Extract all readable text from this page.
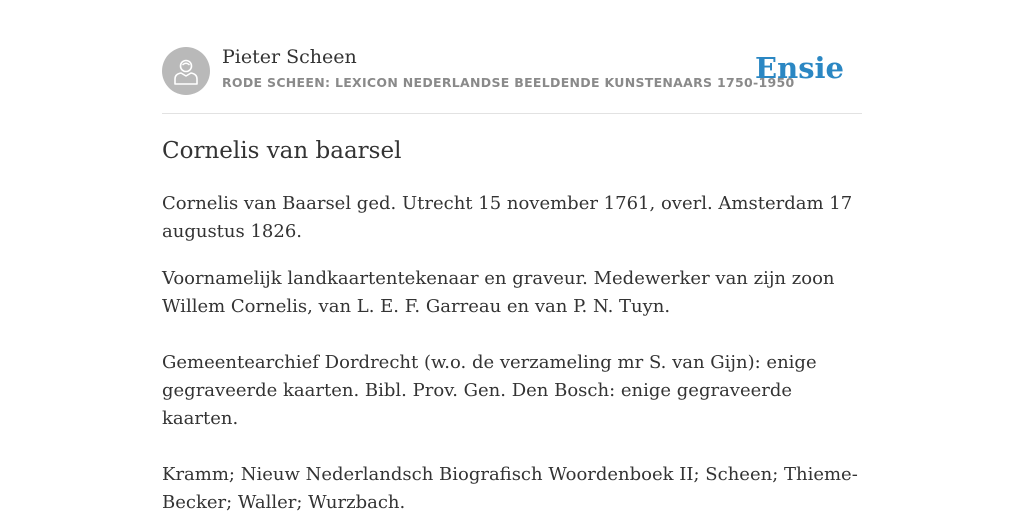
Pieter Scheen
RODE SCHEEN: LEXICON NEDERLANDSE BEELDENDE KUNSTENAARS 1750-1950
Ensie
Cornelis van baarsel

Cornelis van Baarsel ged. Utrecht 15 november 1761, overl. Amsterdam 17 augustus 1826.

Voornamelijk landkaartentekenaar en graveur. Medewerker van zijn zoon Willem Cornelis, van L. E. F. Garreau en van P. N. Tuyn.

Gemeentearchief Dordrecht (w.o. de verzameling mr S. van Gijn): enige gegraveerde kaarten. Bibl. Prov. Gen. Den Bosch: enige gegraveerde kaarten.

Kramm; Nieuw Nederlandsch Biografisch Woordenboek II; Scheen; Thieme-Becker; Waller; Wurzbach.
